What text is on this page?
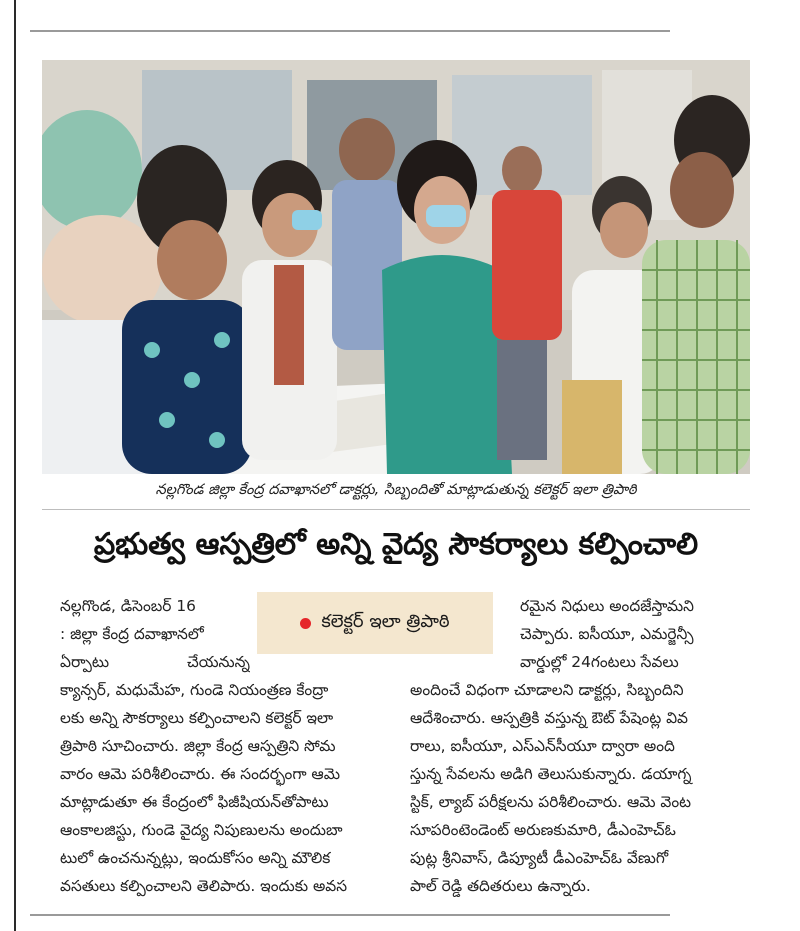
నల్లగొండ జిల్లా కేంద్ర దవాఖానలో డాక్టర్లు, సిబ్బందితో మాట్లాడుతున్న కలెక్టర్ ఇలా త్రిపాఠి
ప్రభుత్వ ఆస్పత్రిలో అన్ని వైద్య సౌకర్యాలు కల్పించాలి
నల్లగొండ, డిసెంబర్ 16
: జిల్లా కేంద్ర దవాఖానలో
ఏర్పాటు చేయనున్న
కలెక్టర్ ఇలా త్రిపాఠి
క్యాన్సర్, మధుమేహ, గుండె నియంత్రణ కేంద్రా
లకు అన్ని సౌకర్యాలు కల్పించాలని కలెక్టర్ ఇలా
త్రిపాఠి సూచించారు. జిల్లా కేంద్ర ఆస్పత్రిని సోమ
వారం ఆమె పరిశీలించారు. ఈ సందర్భంగా ఆమె
మాట్లాడుతూ ఈ కేంద్రంలో ఫిజీషియన్‌తోపాటు
ఆంకాలజిస్టు, గుండె వైద్య నిపుణులను అందుబా
టులో ఉంచనున్నట్లు, ఇందుకోసం అన్ని మౌలిక
వసతులు కల్పించాలని తెలిపారు. ఇందుకు అవస
రమైన నిధులు అందజేస్తామని
చెప్పారు. ఐసీయూ, ఎమర్జెన్సీ
వార్డుల్లో 24గంటలు సేవలు
అందించే విధంగా చూడాలని డాక్టర్లు, సిబ్బందిని
ఆదేశించారు. ఆస్పత్రికి వస్తున్న ఔట్ పేషెంట్ల వివ
రాలు, ఐసీయూ, ఎస్ఎన్‌సీయూ ద్వారా అంది
స్తున్న సేవలను అడిగి తెలుసుకున్నారు. డయాగ్న
స్టిక్, ల్యాబ్ పరీక్షలను పరిశీలించారు. ఆమె వెంట
సూపరింటెండెంట్ అరుణకుమారి, డీఎంహెచ్‌ఓ
పుట్ల శ్రీనివాస్, డిప్యూటీ డీఎంహెచ్‌ఓ వేణుగో
పాల్ రెడ్డి తదితరులు ఉన్నారు.
